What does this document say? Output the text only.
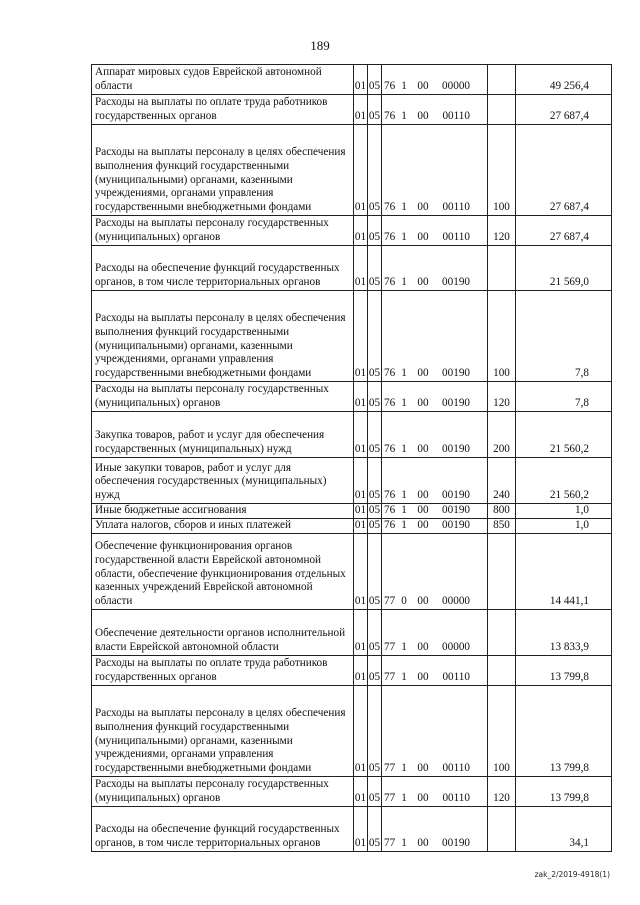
189
Аппарат мировых судов Еврейской автономной области	01	05	76 1 00 00000		49 256,4
Расходы на выплаты по оплате труда работников государственных органов	01	05	76 1 00 00110		27 687,4
Расходы на выплаты персоналу в целях обеспечения выполнения функций государственными (муниципальными) органами, казенными учреждениями, органами управления государственными внебюджетными фондами	01	05	76 1 00 00110	100	27 687,4
Расходы на выплаты персоналу государственных (муниципальных) органов	01	05	76 1 00 00110	120	27 687,4
Расходы на обеспечение функций государственных органов, в том числе территориальных органов	01	05	76 1 00 00190		21 569,0
Расходы на выплаты персоналу в целях обеспечения выполнения функций государственными (муниципальными) органами, казенными учреждениями, органами управления государственными внебюджетными фондами	01	05	76 1 00 00190	100	7,8
Расходы на выплаты персоналу государственных (муниципальных) органов	01	05	76 1 00 00190	120	7,8
Закупка товаров, работ и услуг для обеспечения государственных (муниципальных) нужд	01	05	76 1 00 00190	200	21 560,2
Иные закупки товаров, работ и услуг для обеспечения государственных (муниципальных) нужд	01	05	76 1 00 00190	240	21 560,2
Иные бюджетные ассигнования	01	05	76 1 00 00190	800	1,0
Уплата налогов, сборов и иных платежей	01	05	76 1 00 00190	850	1,0
Обеспечение функционирования органов государственной власти Еврейской автономной области, обеспечение функционирования отдельных казенных учреждений Еврейской автономной области	01	05	77 0 00 00000		14 441,1
Обеспечение деятельности органов исполнительной власти Еврейской автономной области	01	05	77 1 00 00000		13 833,9
Расходы на выплаты по оплате труда работников государственных органов	01	05	77 1 00 00110		13 799,8
Расходы на выплаты персоналу в целях обеспечения выполнения функций государственными (муниципальными) органами, казенными учреждениями, органами управления государственными внебюджетными фондами	01	05	77 1 00 00110	100	13 799,8
Расходы на выплаты персоналу государственных (муниципальных) органов	01	05	77 1 00 00110	120	13 799,8
Расходы на обеспечение функций государственных органов, в том числе территориальных органов	01	05	77 1 00 00190		34,1
zak_2/2019-4918(1)
